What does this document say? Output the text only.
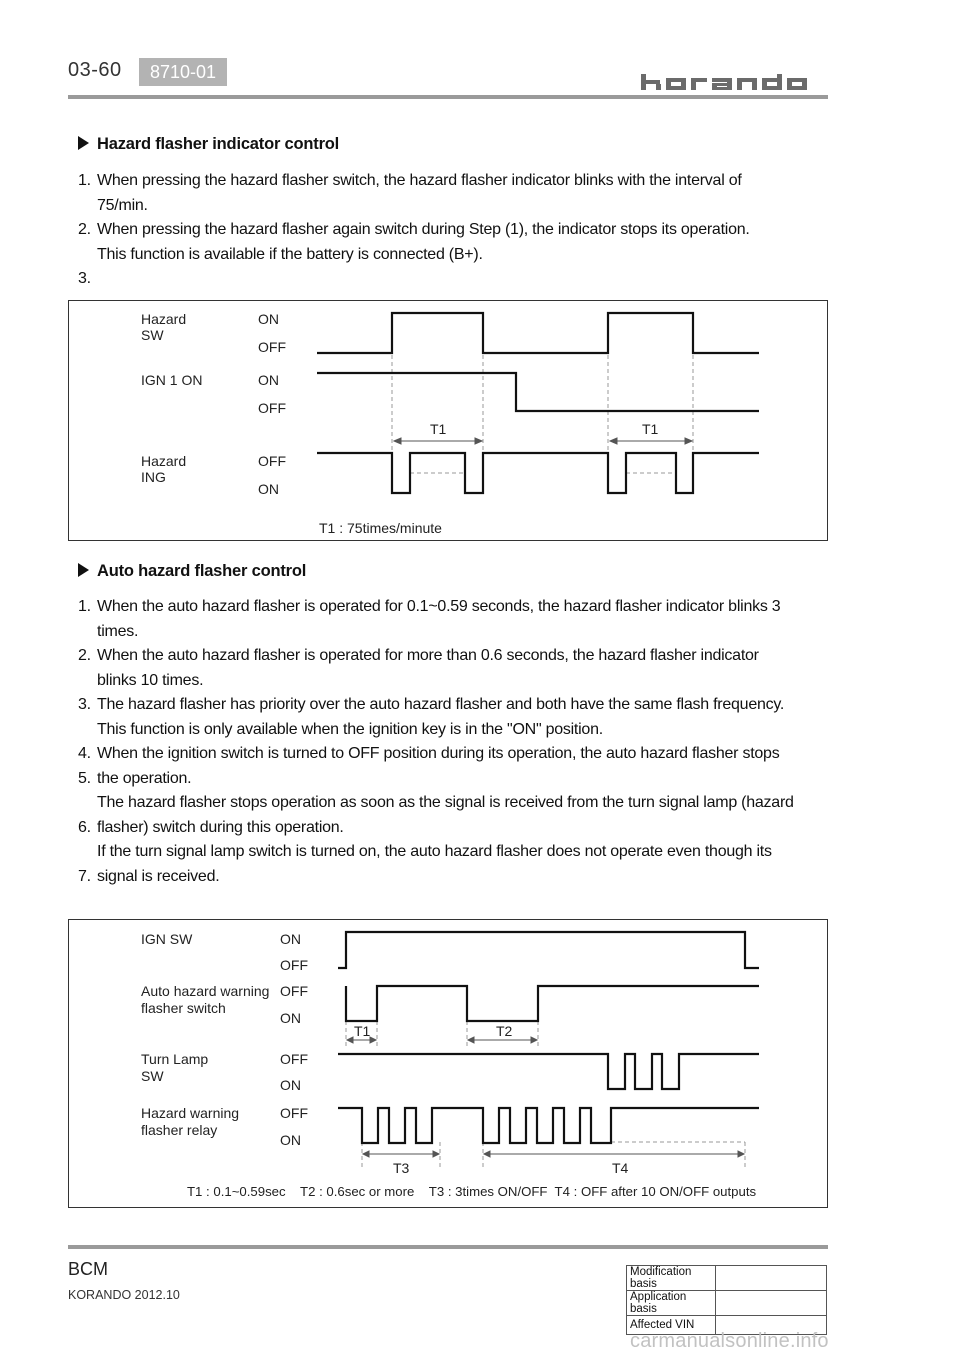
03-60	8710-01
Hazard flasher indicator control
1. When pressing the hazard flasher switch, the hazard flasher indicator blinks with the interval of
75/min.
2. When pressing the hazard flasher again switch during Step (1), the indicator stops its operation.
This function is available if the battery is connected (B+).
3.
Hazard
SW
IGN 1 ON
Hazard
ING
ON
OFF
ON
OFF
OFF
ON
T1	T1
T1 : 75times/minute
Auto hazard flasher control
1. When the auto hazard flasher is operated for 0.1~0.59 seconds, the hazard flasher indicator blinks 3
times.
2. When the auto hazard flasher is operated for more than 0.6 seconds, the hazard flasher indicator
blinks 10 times.
3. The hazard flasher has priority over the auto hazard flasher and both have the same flash frequency.
This function is only available when the ignition key is in the "ON" position.
4. When the ignition switch is turned to OFF position during its operation, the auto hazard flasher stops
5. the operation.
The hazard flasher stops operation as soon as the signal is received from the turn signal lamp (hazard
6. flasher) switch during this operation.
If the turn signal lamp switch is turned on, the auto hazard flasher does not operate even though its
7. signal is received.
IGN SW
Auto hazard warning
flasher switch
Turn Lamp
SW
Hazard warning
flasher relay
ON
OFF
OFF
ON
OFF
ON
OFF
ON
T1	T2
T3	T4
T1 : 0.1~0.59sec    T2 : 0.6sec or more    T3 : 3times ON/OFF  T4 : OFF after 10 ON/OFF outputs
BCM
KORANDO 2012.10
Modification basis	
Application basis	
Affected VIN	
carmanualsonline.info
